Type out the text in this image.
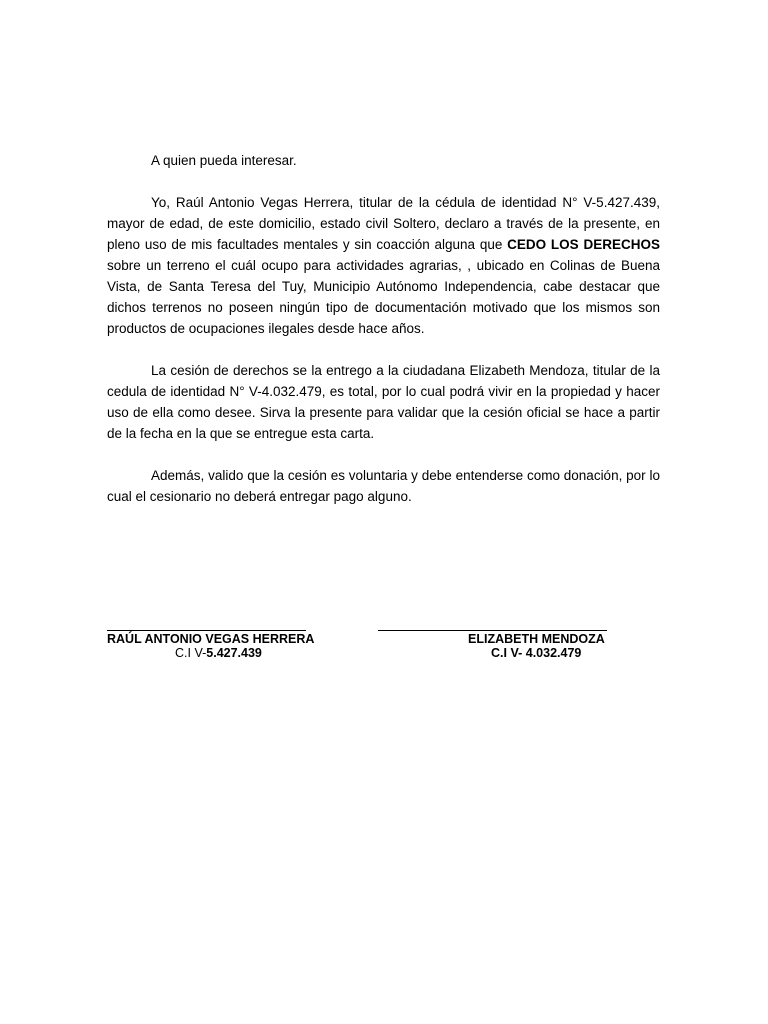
A quien pueda interesar.

Yo, Raúl Antonio Vegas Herrera, titular de la cédula de identidad N° V-5.427.439, mayor de edad, de este domicilio, estado civil Soltero, declaro a través de la presente, en pleno uso de mis facultades mentales y sin coacción alguna que CEDO LOS DERECHOS sobre un terreno el cuál ocupo para actividades agrarias, , ubicado en Colinas de Buena Vista, de Santa Teresa del Tuy, Municipio Autónomo Independencia, cabe destacar que dichos terrenos no poseen ningún tipo de documentación motivado que los mismos son productos de ocupaciones ilegales desde hace años.

La cesión de derechos se la entrego a la ciudadana Elizabeth Mendoza, titular de la cedula de identidad N° V-4.032.479, es total, por lo cual podrá vivir en la propiedad y hacer uso de ella como desee. Sirva la presente para validar que la cesión oficial se hace a partir de la fecha en la que se entregue esta carta.

Además, valido que la cesión es voluntaria y debe entenderse como donación, por lo cual el cesionario no deberá entregar pago alguno.

RAÚL ANTONIO VEGAS HERRERA
C.I V-5.427.439
ELIZABETH MENDOZA
C.I V- 4.032.479
